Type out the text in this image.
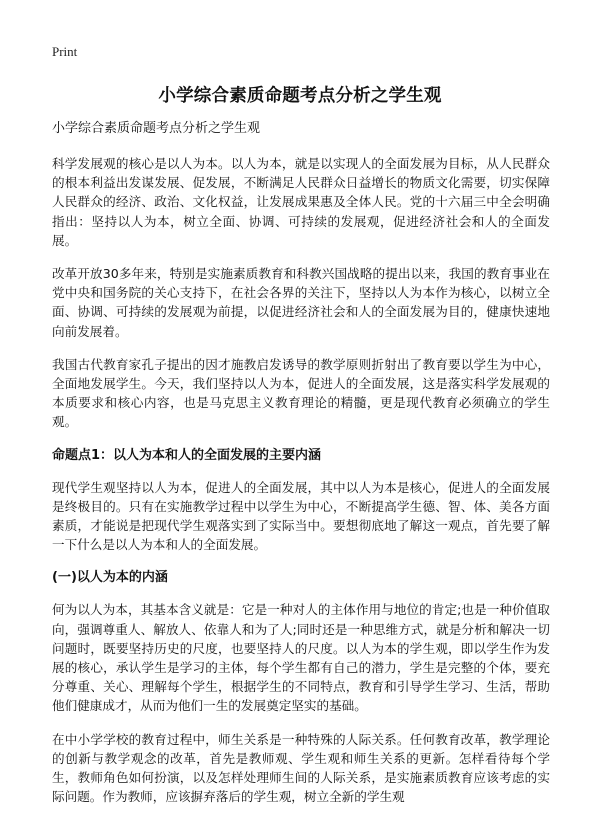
Print
小学综合素质命题考点分析之学生观
小学综合素质命题考点分析之学生观

科学发展观的核心是以人为本。以人为本，就是以实现人的全面发展为目标，从人民群众的根本利益出发谋发展、促发展，不断满足人民群众日益增长的物质文化需要，切实保障人民群众的经济、政治、文化权益，让发展成果惠及全体人民。党的十六届三中全会明确指出：坚持以人为本，树立全面、协调、可持续的发展观，促进经济社会和人的全面发展。

改革开放30多年来，特别是实施素质教育和科教兴国战略的提出以来，我国的教育事业在党中央和国务院的关心支持下，在社会各界的关注下，坚持以人为本作为核心，以树立全面、协调、可持续的发展观为前提，以促进经济社会和人的全面发展为目的，健康快速地向前发展着。

我国古代教育家孔子提出的因才施教启发诱导的教学原则折射出了教育要以学生为中心，全面地发展学生。今天，我们坚持以人为本，促进人的全面发展，这是落实科学发展观的本质要求和核心内容，也是马克思主义教育理论的精髓，更是现代教育必须确立的学生观。

命题点1：以人为本和人的全面发展的主要内涵

现代学生观坚持以人为本，促进人的全面发展，其中以人为本是核心，促进人的全面发展是终极目的。只有在实施教学过程中以学生为中心，不断提高学生德、智、体、美各方面素质，才能说是把现代学生观落实到了实际当中。要想彻底地了解这一观点，首先要了解一下什么是以人为本和人的全面发展。

(一)以人为本的内涵

何为以人为本，其基本含义就是：它是一种对人的主体作用与地位的肯定;也是一种价值取向，强调尊重人、解放人、依靠人和为了人;同时还是一种思维方式，就是分析和解决一切问题时，既要坚持历史的尺度，也要坚持人的尺度。以人为本的学生观，即以学生作为发展的核心，承认学生是学习的主体，每个学生都有自己的潜力，学生是完整的个体，要充分尊重、关心、理解每个学生，根据学生的不同特点，教育和引导学生学习、生活，帮助他们健康成才，从而为他们一生的发展奠定坚实的基础。

在中小学学校的教育过程中，师生关系是一种特殊的人际关系。任何教育改革，教学理论的创新与教学观念的改革，首先是教师观、学生观和师生关系的更新。怎样看待每个学生，教师角色如何扮演，以及怎样处理师生间的人际关系，是实施素质教育应该考虑的实际问题。作为教师，应该摒弃落后的学生观，树立全新的学生观
